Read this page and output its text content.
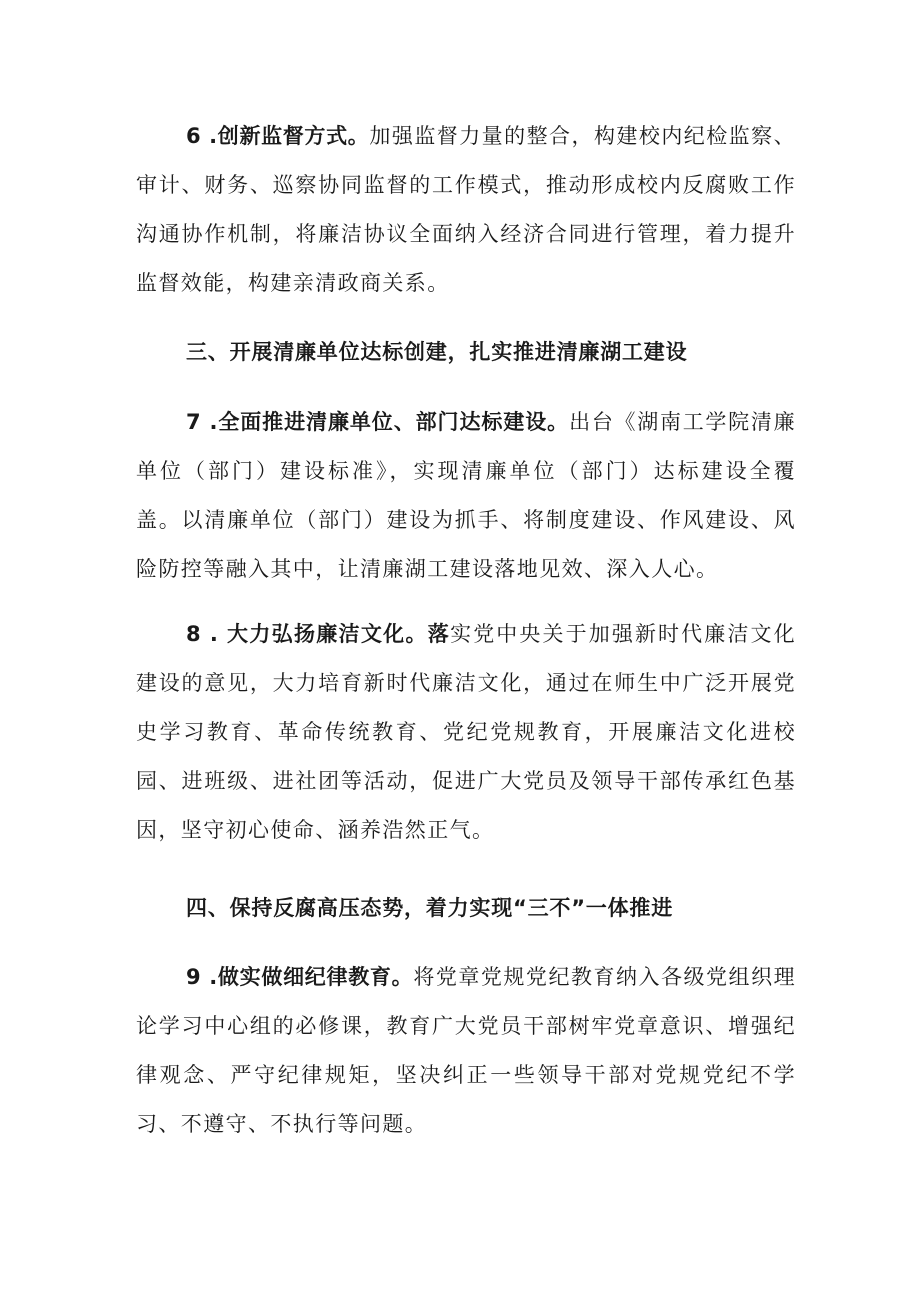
6 .创新监督方式。加强监督力量的整合，构建校内纪检监察、审计、财务、巡察协同监督的工作模式，推动形成校内反腐败工作沟通协作机制，将廉洁协议全面纳入经济合同进行管理，着力提升监督效能，构建亲清政商关系。

三、开展清廉单位达标创建，扎实推进清廉湖工建设

7 .全面推进清廉单位、部门达标建设。出台《湖南工学院清廉单位（部门）建设标准》，实现清廉单位（部门）达标建设全覆盖。以清廉单位（部门）建设为抓手、将制度建设、作风建设、风险防控等融入其中，让清廉湖工建设落地见效、深入人心。

8 . 大力弘扬廉洁文化。落实党中央关于加强新时代廉洁文化建设的意见，大力培育新时代廉洁文化，通过在师生中广泛开展党史学习教育、革命传统教育、党纪党规教育，开展廉洁文化进校园、进班级、进社团等活动，促进广大党员及领导干部传承红色基因，坚守初心使命、涵养浩然正气。

四、保持反腐高压态势，着力实现“三不”一体推进

9 .做实做细纪律教育。将党章党规党纪教育纳入各级党组织理论学习中心组的必修课，教育广大党员干部树牢党章意识、增强纪律观念、严守纪律规矩，坚决纠正一些领导干部对党规党纪不学习、不遵守、不执行等问题。
